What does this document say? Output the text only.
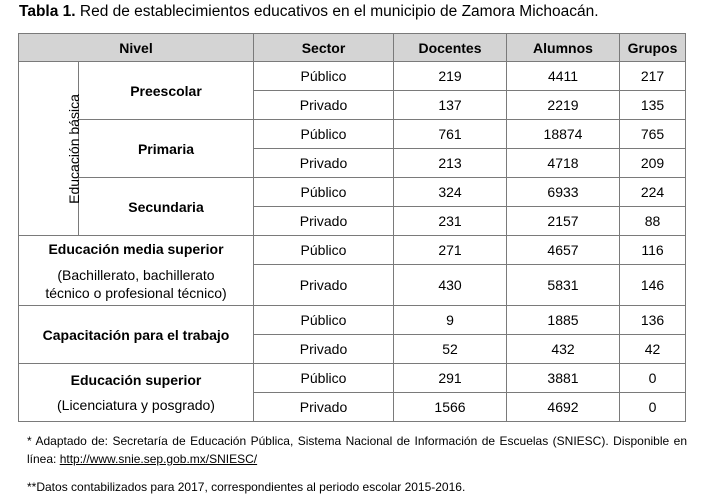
Tabla 1. Red de establecimientos educativos en el municipio de Zamora Michoacán.
Nivel		Sector	Docentes	Alumnos	Grupos
Educación básica	Preescolar	Público	219	4411	217
		Privado	137	2219	135
	Primaria	Público	761	18874	765
		Privado	213	4718	209
	Secundaria	Público	324	6933	224
		Privado	231	2157	88
Educación media superior
(Bachillerato, bachillerato técnico o profesional técnico)		Público	271	4657	116
		Privado	430	5831	146
Capacitación para el trabajo		Público	9	1885	136
		Privado	52	432	42
Educación superior
(Licenciatura y posgrado)		Público	291	3881	0
		Privado	1566	4692	0
* Adaptado de: Secretaría de Educación Pública, Sistema Nacional de Información de Escuelas (SNIESC). Disponible en línea: http://www.snie.sep.gob.mx/SNIESC/
**Datos contabilizados para 2017, correspondientes al periodo escolar 2015-2016.
